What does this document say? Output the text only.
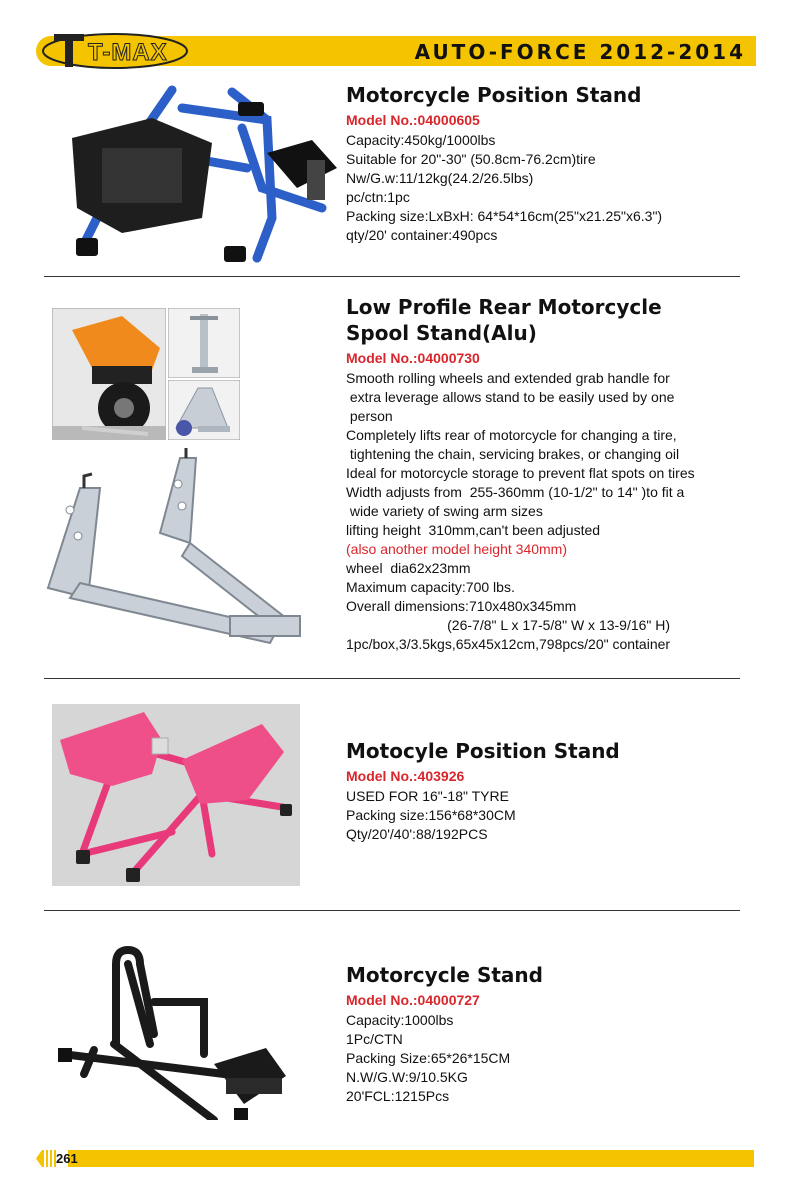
T-MAX	AUTO-FORCE 2012-2014
Motorcycle Position Stand
Model No.:04000605
Capacity:450kg/1000lbs
Suitable for 20"-30" (50.8cm-76.2cm)tire
Nw/G.w:11/12kg(24.2/26.5lbs)
pc/ctn:1pc
Packing size:LxBxH: 64*54*16cm(25"x21.25"x6.3")
qty/20' container:490pcs
Low Profile Rear Motorcycle
Spool Stand(Alu)
Model No.:04000730
Smooth rolling wheels and extended grab handle for
extra leverage allows stand to be easily used by one
person
Completely lifts rear of motorcycle for changing a tire,
tightening the chain, servicing brakes, or changing oil
Ideal for motorcycle storage to prevent flat spots on tires
Width adjusts from  255-360mm (10-1/2" to 14" )to fit a
wide variety of swing arm sizes
lifting height  310mm,can't been adjusted
(also another model height 340mm)
wheel  dia62x23mm
Maximum capacity:700 lbs.
Overall dimensions:710x480x345mm
(26-7/8" L x 17-5/8" W x 13-9/16" H)
1pc/box,3/3.5kgs,65x45x12cm,798pcs/20" container
Motocyle Position Stand
Model No.:403926
USED FOR 16"-18" TYRE
Packing size:156*68*30CM
Qty/20'/40':88/192PCS
Motorcycle Stand
Model No.:04000727
Capacity:1000lbs
1Pc/CTN
Packing Size:65*26*15CM
N.W/G.W:9/10.5KG
20'FCL:1215Pcs
261
